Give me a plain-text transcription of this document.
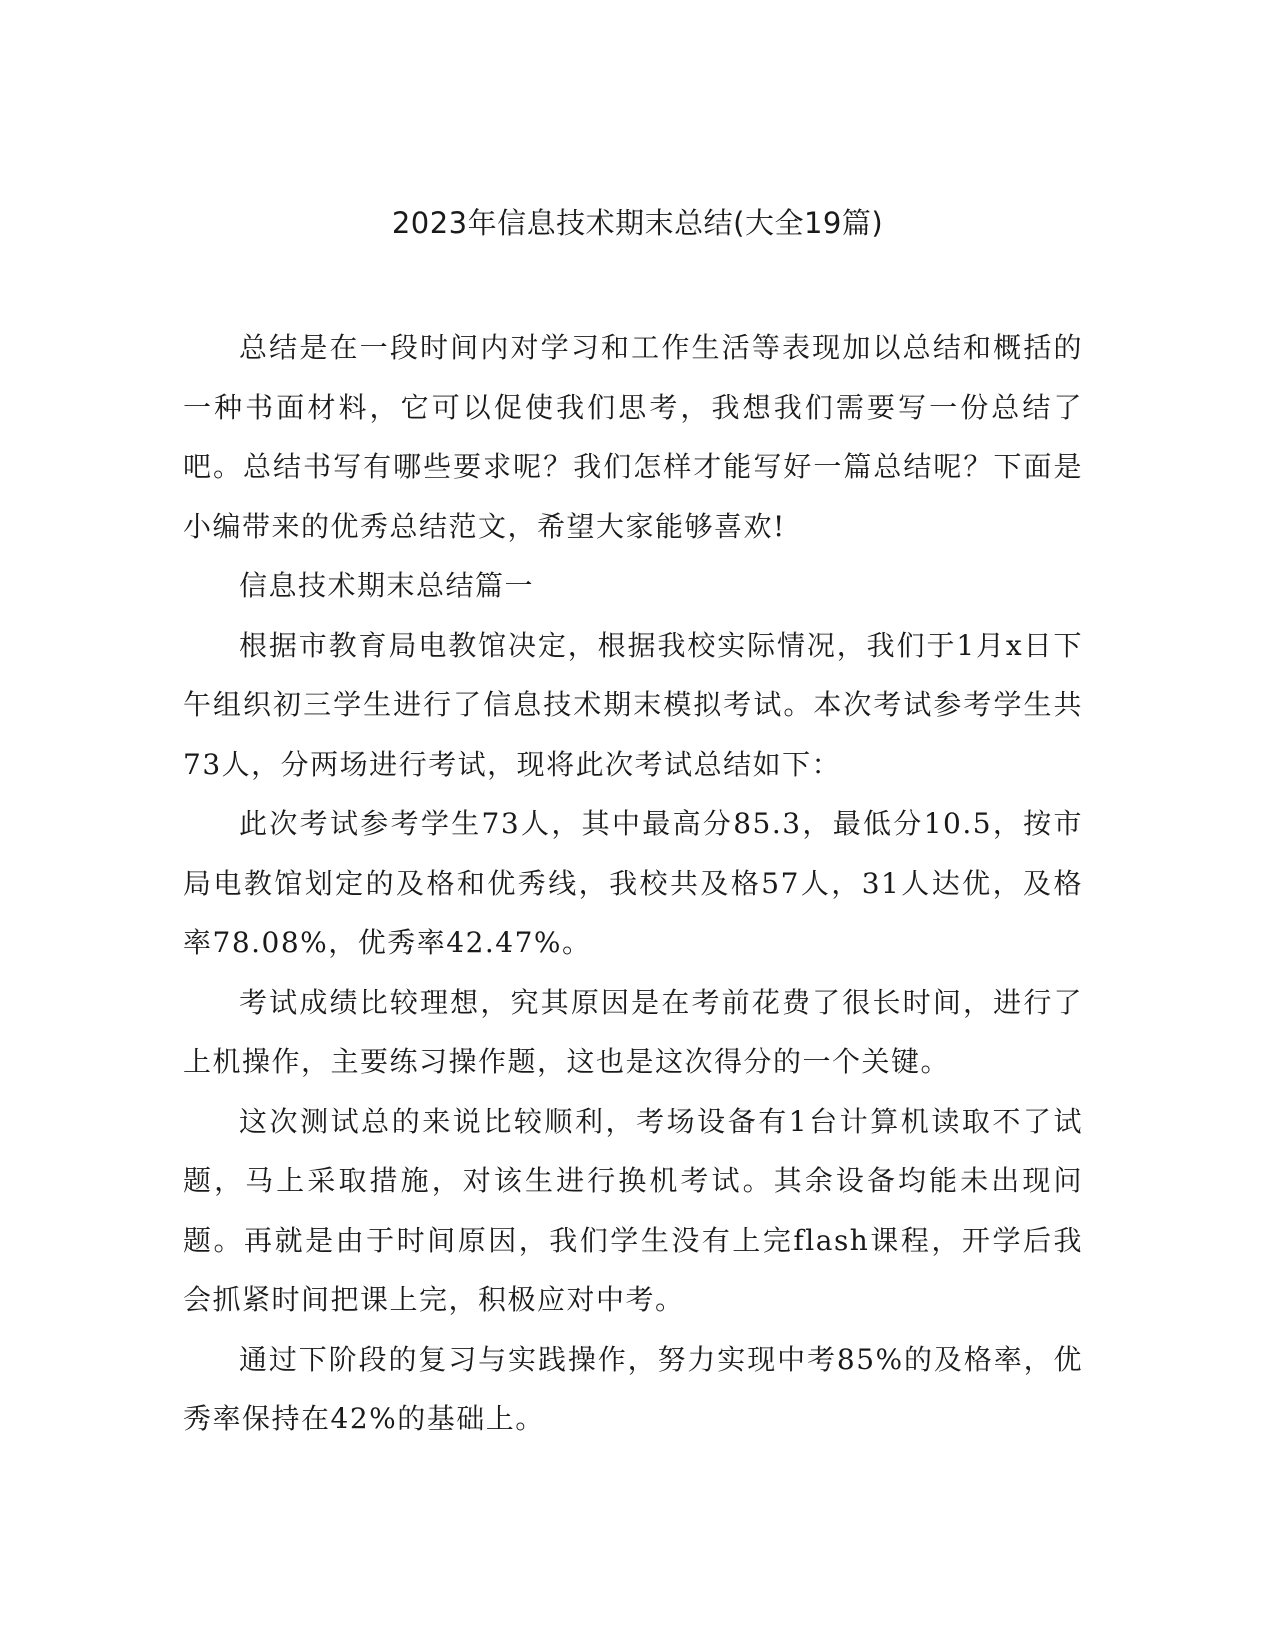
2023年信息技术期末总结(大全19篇)

总结是在一段时间内对学习和工作生活等表现加以总结和概括的一种书面材料，它可以促使我们思考，我想我们需要写一份总结了吧。总结书写有哪些要求呢？我们怎样才能写好一篇总结呢？下面是小编带来的优秀总结范文，希望大家能够喜欢!

信息技术期末总结篇一

根据市教育局电教馆决定，根据我校实际情况，我们于1月x日下午组织初三学生进行了信息技术期末模拟考试。本次考试参考学生共73人，分两场进行考试，现将此次考试总结如下：

此次考试参考学生73人，其中最高分85.3，最低分10.5，按市局电教馆划定的及格和优秀线，我校共及格57人，31人达优，及格率78.08%，优秀率42.47%。

考试成绩比较理想，究其原因是在考前花费了很长时间，进行了上机操作，主要练习操作题，这也是这次得分的一个关键。

这次测试总的来说比较顺利，考场设备有1台计算机读取不了试题，马上采取措施，对该生进行换机考试。其余设备均能未出现问题。再就是由于时间原因，我们学生没有上完flash课程，开学后我会抓紧时间把课上完，积极应对中考。

通过下阶段的复习与实践操作，努力实现中考85%的及格率，优秀率保持在42%的基础上。
